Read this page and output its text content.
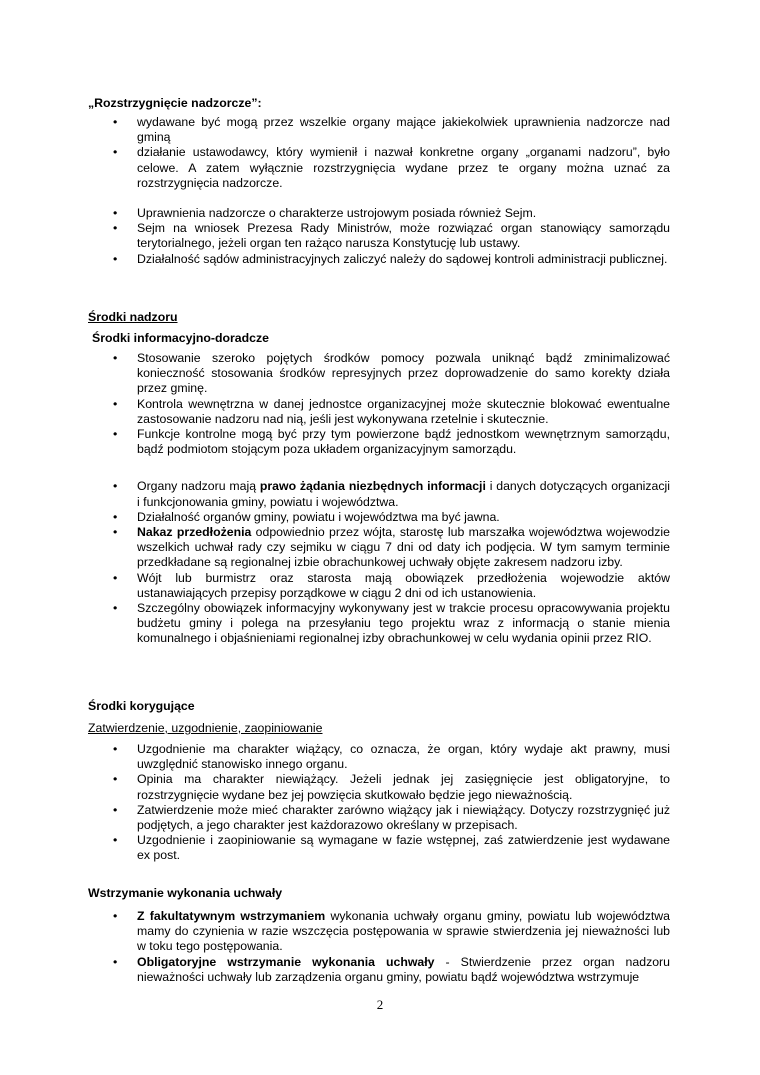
„Rozstrzygnięcie nadzorcze”:
• wydawane być mogą przez wszelkie organy mające jakiekolwiek uprawnienia nadzorcze nad gminą
• działanie ustawodawcy, który wymienił i nazwał konkretne organy „organami nadzoru”, było celowe. A zatem wyłącznie rozstrzygnięcia wydane przez te organy można uznać za rozstrzygnięcia nadzorcze.
• Uprawnienia nadzorcze o charakterze ustrojowym posiada również Sejm.
• Sejm na wniosek Prezesa Rady Ministrów, może rozwiązać organ stanowiący samorządu terytorialnego, jeżeli organ ten rażąco narusza Konstytucję lub ustawy.
• Działalność sądów administracyjnych zaliczyć należy do sądowej kontroli administracji publicznej.
Środki nadzoru
Środki informacyjno-doradcze
• Stosowanie szeroko pojętych środków pomocy pozwala uniknąć bądź zminimalizować konieczność stosowania środków represyjnych przez doprowadzenie do samo korekty działa przez gminę.
• Kontrola wewnętrzna w danej jednostce organizacyjnej może skutecznie blokować ewentualne zastosowanie nadzoru nad nią, jeśli jest wykonywana rzetelnie i skutecznie.
• Funkcje kontrolne mogą być przy tym powierzone bądź jednostkom wewnętrznym samorządu, bądź podmiotom stojącym poza układem organizacyjnym samorządu.
• Organy nadzoru mają prawo żądania niezbędnych informacji i danych dotyczących organizacji i funkcjonowania gminy, powiatu i województwa.
• Działalność organów gminy, powiatu i województwa ma być jawna.
• Nakaz przedłożenia odpowiednio przez wójta, starostę lub marszałka województwa wojewodzie wszelkich uchwał rady czy sejmiku w ciągu 7 dni od daty ich podjęcia. W tym samym terminie przedkładane są regionalnej izbie obrachunkowej uchwały objęte zakresem nadzoru izby.
• Wójt lub burmistrz oraz starosta mają obowiązek przedłożenia wojewodzie aktów ustanawiających przepisy porządkowe w ciągu 2 dni od ich ustanowienia.
• Szczególny obowiązek informacyjny wykonywany jest w trakcie procesu opracowywania projektu budżetu gminy i polega na przesyłaniu tego projektu wraz z informacją o stanie mienia komunalnego i objaśnieniami regionalnej izby obrachunkowej w celu wydania opinii przez RIO.
Środki korygujące
Zatwierdzenie, uzgodnienie, zaopiniowanie
• Uzgodnienie ma charakter wiążący, co oznacza, że organ, który wydaje akt prawny, musi uwzględnić stanowisko innego organu.
• Opinia ma charakter niewiążący. Jeżeli jednak jej zasięgnięcie jest obligatoryjne, to rozstrzygnięcie wydane bez jej powzięcia skutkowało będzie jego nieważnością.
• Zatwierdzenie może mieć charakter zarówno wiążący jak i niewiążący. Dotyczy rozstrzygnięć już podjętych, a jego charakter jest każdorazowo określany w przepisach.
• Uzgodnienie i zaopiniowanie są wymagane w fazie wstępnej, zaś zatwierdzenie jest wydawane ex post.
Wstrzymanie wykonania uchwały
• Z fakultatywnym wstrzymaniem wykonania uchwały organu gminy, powiatu lub województwa mamy do czynienia w razie wszczęcia postępowania w sprawie stwierdzenia jej nieważności lub w toku tego postępowania.
• Obligatoryjne wstrzymanie wykonania uchwały - Stwierdzenie przez organ nadzoru nieważności uchwały lub zarządzenia organu gminy, powiatu bądź województwa wstrzymuje
2
